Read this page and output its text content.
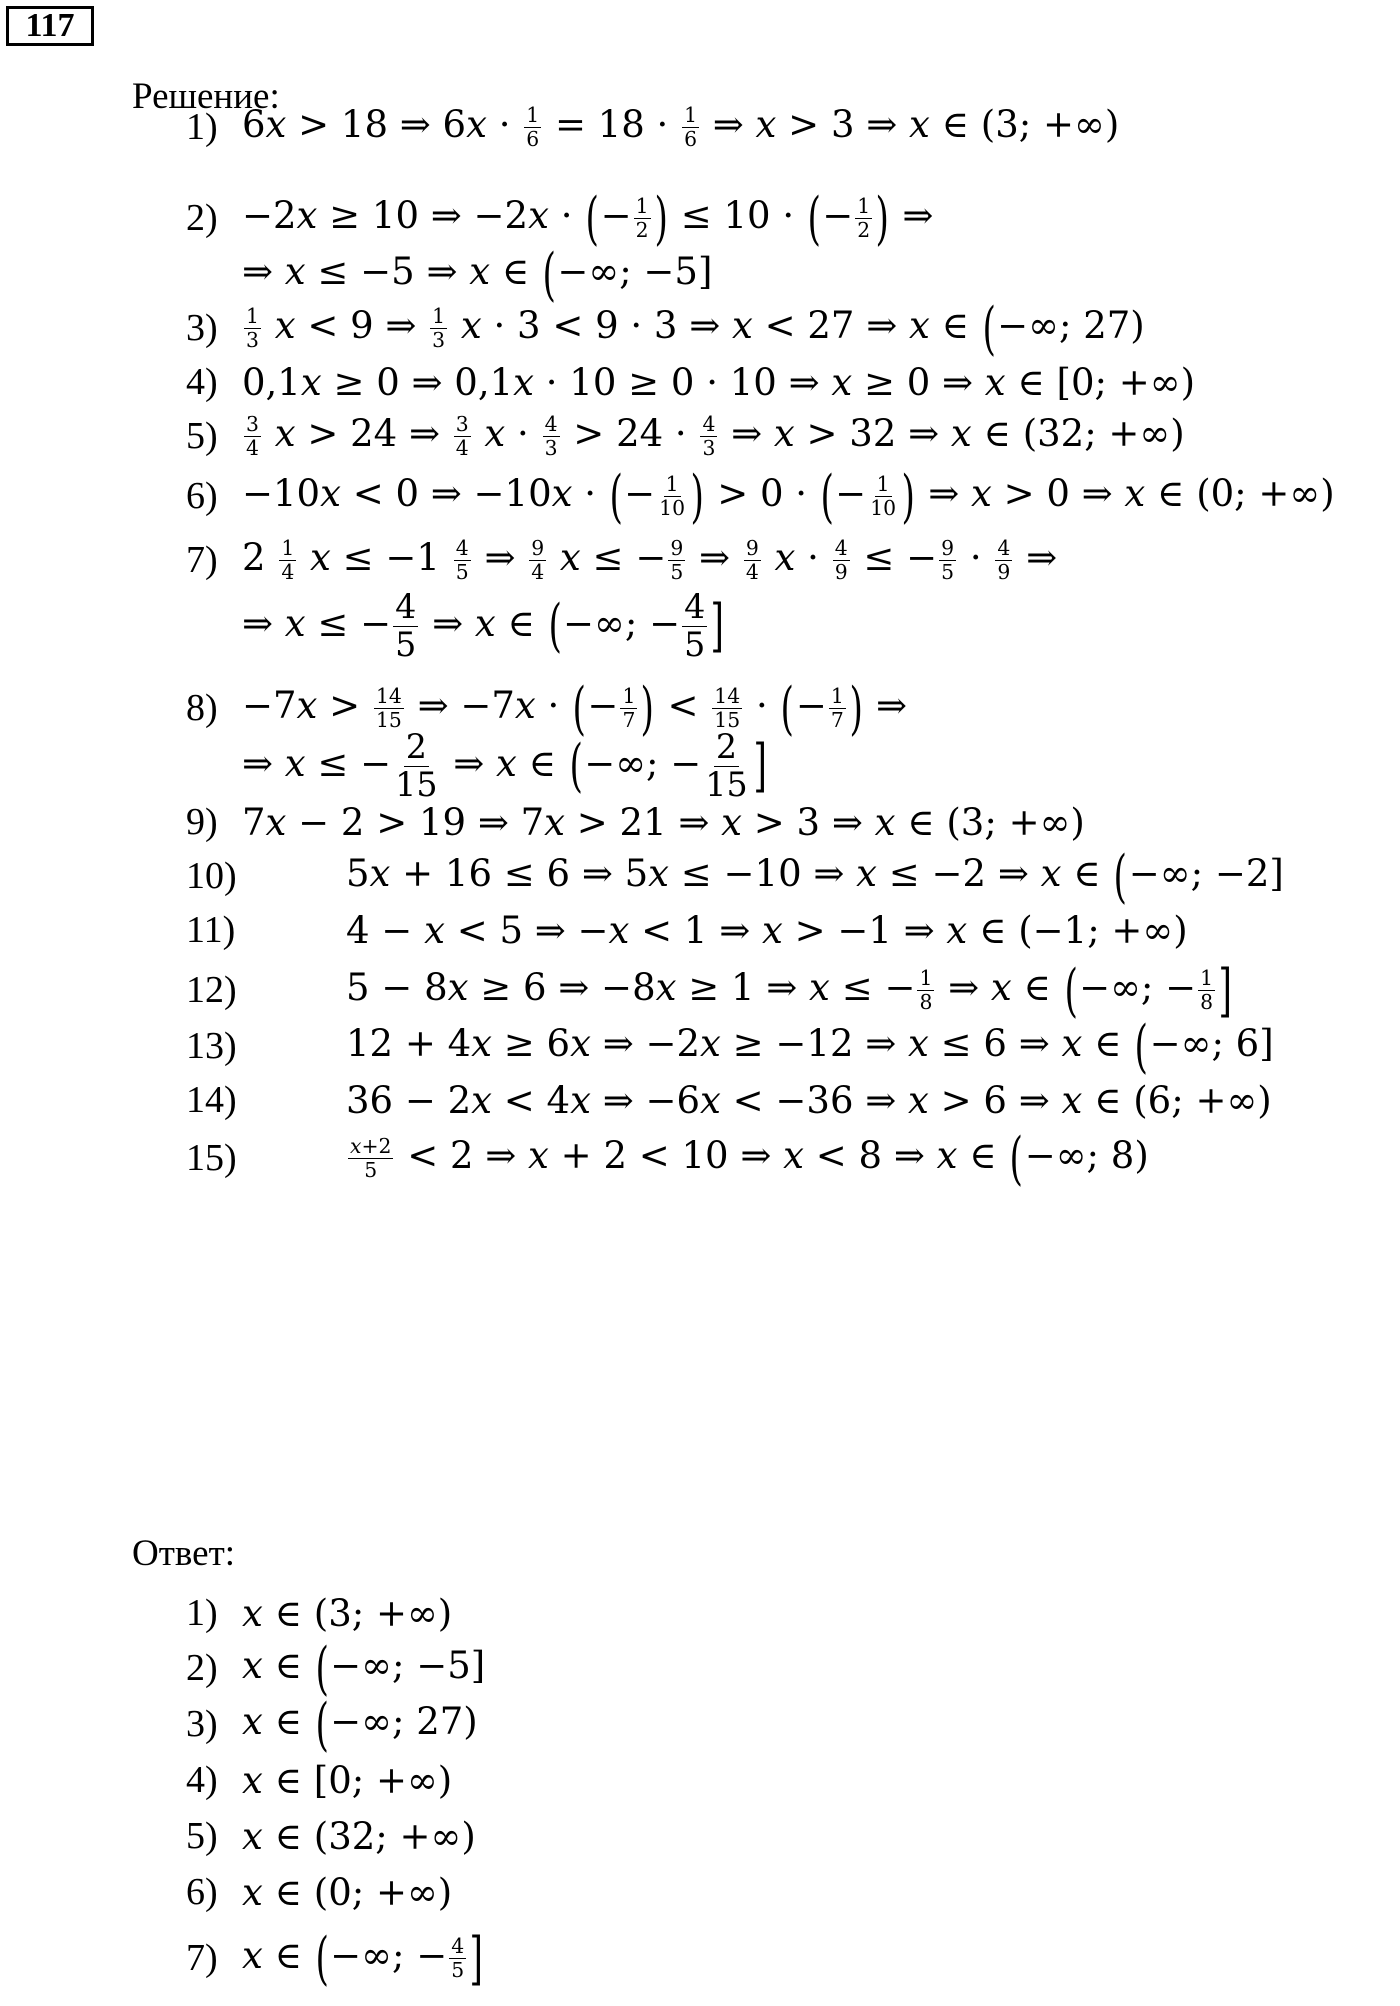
117
Решение:
Ответ:
1) 6𝑥 > 18 ⇒ 6𝑥 · $\frac{1}{6} = 18 \cdot \frac{1}{6}$ ⇒ 𝑥 > 3 ⇒ 𝑥 ∈ (3; +∞)
2) −2𝑥 ≥ 10 ⇒ −2𝑥 · (− $\frac{1}{2}$ ) ≤ 10 · (− $\frac{1}{2}$ ) ⇒
⇒ 𝑥 ≤ −5 ⇒ 𝑥 ∈ (−∞; −5]
3)	$\frac{1}{3}$ 𝑥 < 9 ⇒ $\frac{1}{3}$ 𝑥 · 3 < 9 · 3 ⇒ 𝑥 < 27 ⇒ 𝑥 ∈ (−∞; 27)
4) 0,1𝑥 ≥ 0 ⇒ 0,1𝑥 · 10 ≥ 0 · 10 ⇒ 𝑥 ≥ 0 ⇒ 𝑥 ∈ [0; +∞)
5)	$\frac{3}{4}$ 𝑥 > 24 ⇒ $\frac{3}{4}$ 𝑥 · $\frac{4}{3} > 24 \cdot \frac{4}{3}$ ⇒ 𝑥 > 32 ⇒ 𝑥 ∈ (32; +∞)
6) −10𝑥 < 0 ⇒ −10𝑥 · (− $\frac{1}{10}$ ) > 0 · (− $\frac{1}{10}$ ) ⇒ 𝑥 > 0 ⇒ 𝑥 ∈ (0; +∞)
7) $2 \frac{1}{4}$ 𝑥 ≤ $-1 \frac{4}{5}$ ⇒ $\frac{9}{4}$ 𝑥 ≤ − $\frac{9}{5}$ ⇒ $\frac{9}{4}$ 𝑥 · $\frac{4}{9}$ ≤ − $\frac{9}{5} \cdot \frac{4}{9}$ ⇒
⇒ 𝑥 ≤ − $\frac{4}{5}$ ⇒ 𝑥 ∈ (−∞; − $\frac{4}{5}$ ]
8) −7𝑥 > $\frac{14}{15}$ ⇒ −7𝑥 · (− $\frac{1}{7}$ ) < $\frac{14}{15}$ · (− $\frac{1}{7}$ ) ⇒
⇒ 𝑥 ≤ − $\frac{2}{15}$ ⇒ 𝑥 ∈ (−∞; − $\frac{2}{15}$ ]
9) 7𝑥 − 2 > 19 ⇒ 7𝑥 > 21 ⇒ 𝑥 > 3 ⇒ 𝑥 ∈ (3; +∞)
10)	5𝑥 + 16 ≤ 6 ⇒ 5𝑥 ≤ −10 ⇒ 𝑥 ≤ −2 ⇒ 𝑥 ∈ (−∞; −2]
11)	4 − 𝑥 < 5 ⇒ −𝑥 < 1 ⇒ 𝑥 > −1 ⇒ 𝑥 ∈ (−1; +∞)
12)	5 − 8𝑥 ≥ 6 ⇒ −8𝑥 ≥ 1 ⇒ 𝑥 ≤ − $\frac{1}{8}$ ⇒ 𝑥 ∈ (−∞; − $\frac{1}{8}$ ]
13)	12 + 4𝑥 ≥ 6𝑥 ⇒ −2𝑥 ≥ −12 ⇒ 𝑥 ≤ 6 ⇒ 𝑥 ∈ (−∞; 6]
14)	36 − 2𝑥 < 4𝑥 ⇒ −6𝑥 < −36 ⇒ 𝑥 > 6 ⇒ 𝑥 ∈ (6; +∞)
15)	$\frac{\text{𝑥+2}}{5} < 2$ ⇒ 𝑥 + 2 < 10 ⇒ 𝑥 < 8 ⇒ 𝑥 ∈ (−∞; 8)
1) 𝑥 ∈ (3; +∞)
2) 𝑥 ∈ (−∞; −5]
3) 𝑥 ∈ (−∞; 27)
4) 𝑥 ∈ [0; +∞)
5) 𝑥 ∈ (32; +∞)
6) 𝑥 ∈ (0; +∞)
7) 𝑥 ∈ (−∞; − $\frac{4}{5}$ ]
